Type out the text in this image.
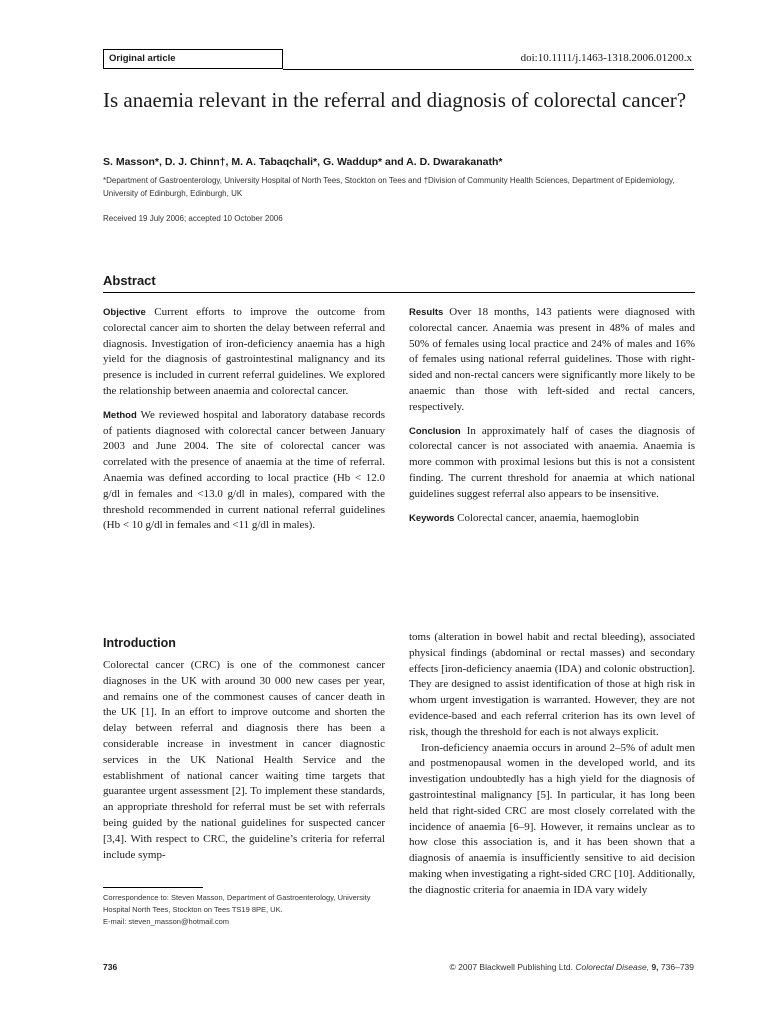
Original article	doi:10.1111/j.1463-1318.2006.01200.x
Is anaemia relevant in the referral and diagnosis of colorectal cancer?
S. Masson*, D. J. Chinn†, M. A. Tabaqchali*, G. Waddup* and A. D. Dwarakanath*
*Department of Gastroenterology, University Hospital of North Tees, Stockton on Tees and †Division of Community Health Sciences, Department of Epidemiology, University of Edinburgh, Edinburgh, UK
Received 19 July 2006; accepted 10 October 2006
Abstract

Objective Current efforts to improve the outcome from colorectal cancer aim to shorten the delay between referral and diagnosis. Investigation of iron-deficiency anaemia has a high yield for the diagnosis of gastrointestinal malignancy and its presence is included in current referral guidelines. We explored the relationship between anaemia and colorectal cancer.

Method We reviewed hospital and laboratory database records of patients diagnosed with colorectal cancer between January 2003 and June 2004. The site of colorectal cancer was correlated with the presence of anaemia at the time of referral. Anaemia was defined according to local practice (Hb < 12.0 g/dl in females and <13.0 g/dl in males), compared with the threshold recommended in current national referral guidelines (Hb < 10 g/dl in females and <11 g/dl in males).

Results Over 18 months, 143 patients were diagnosed with colorectal cancer. Anaemia was present in 48% of males and 50% of females using local practice and 24% of males and 16% of females using national referral guidelines. Those with right-sided and non-rectal cancers were significantly more likely to be anaemic than those with left-sided and rectal cancers, respectively.

Conclusion In approximately half of cases the diagnosis of colorectal cancer is not associated with anaemia. Anaemia is more common with proximal lesions but this is not a consistent finding. The current threshold for anaemia at which national guidelines suggest referral also appears to be insensitive.

Keywords Colorectal cancer, anaemia, haemoglobin

Introduction

Colorectal cancer (CRC) is one of the commonest cancer diagnoses in the UK with around 30 000 new cases per year, and remains one of the commonest causes of cancer death in the UK [1]. In an effort to improve outcome and shorten the delay between referral and diagnosis there has been a considerable increase in investment in cancer diagnostic services in the UK National Health Service and the establishment of national cancer waiting time targets that guarantee urgent assessment [2]. To implement these standards, an appropriate threshold for referral must be set with referrals being guided by the national guidelines for suspected cancer [3,4]. With respect to CRC, the guideline’s criteria for referral include symp-

toms (alteration in bowel habit and rectal bleeding), associated physical findings (abdominal or rectal masses) and secondary effects [iron-deficiency anaemia (IDA) and colonic obstruction]. They are designed to assist identification of those at high risk in whom urgent investigation is warranted. However, they are not evidence-based and each referral criterion has its own level of risk, though the threshold for each is not always explicit.

Iron-deficiency anaemia occurs in around 2–5% of adult men and postmenopausal women in the developed world, and its investigation undoubtedly has a high yield for the diagnosis of gastrointestinal malignancy [5]. In particular, it has long been held that right-sided CRC are most closely correlated with the incidence of anaemia [6–9]. However, it remains unclear as to how close this association is, and it has been shown that a diagnosis of anaemia is insufficiently sensitive to aid decision making when investigating a right-sided CRC [10]. Additionally, the diagnostic criteria for anaemia in IDA vary widely

Correspondence to: Steven Masson, Department of Gastroenterology, University
Hospital North Tees, Stockton on Tees TS19 8PE, UK.
E-mail: steven_masson@hotmail.com
736	© 2007 Blackwell Publishing Ltd. Colorectal Disease, 9, 736–739
